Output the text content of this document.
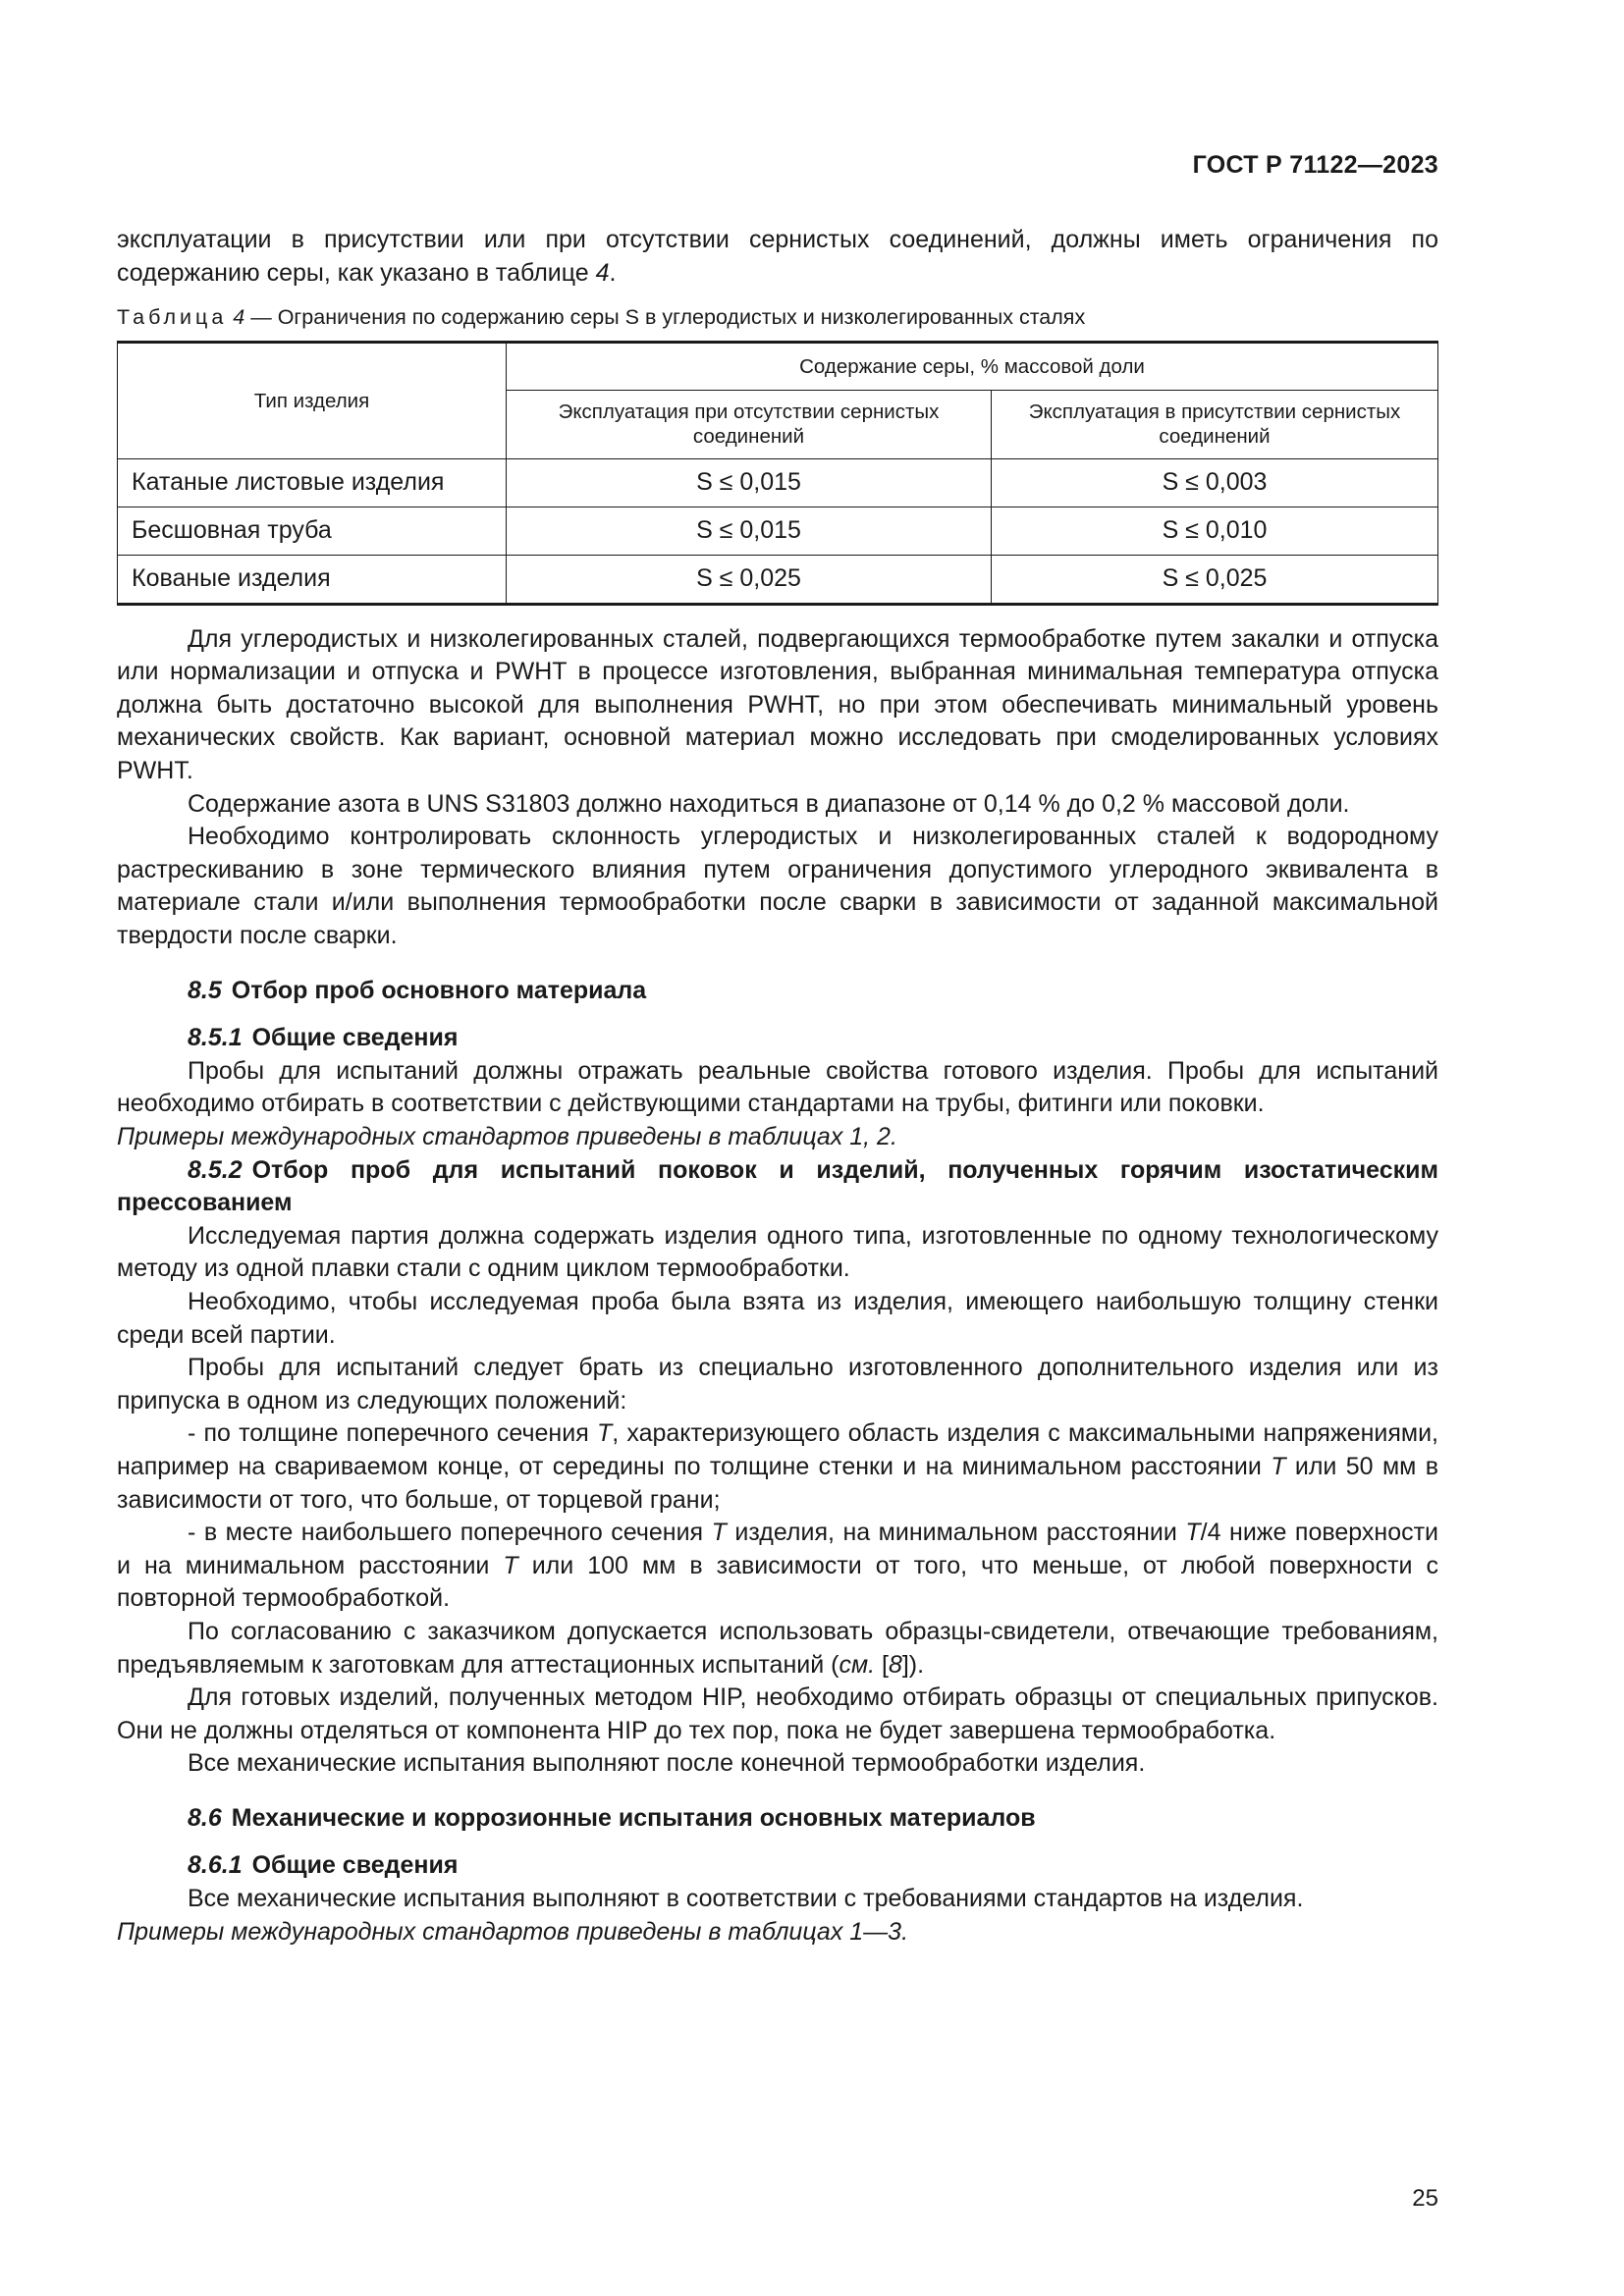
ГОСТ Р 71122—2023

эксплуатации в присутствии или при отсутствии сернистых соединений, должны иметь ограничения по содержанию серы, как указано в таблице 4.

Таблица 4 — Ограничения по содержанию серы S в углеродистых и низколегированных сталях
Тип изделия	Содержание серы, % массовой доли	
	Эксплуатация при отсутствии сернистых соединений	Эксплуатация в присутствии сернистых соединений
Катаные листовые изделия	S ≤ 0,015	S ≤ 0,003
Бесшовная труба	S ≤ 0,015	S ≤ 0,010
Кованые изделия	S ≤ 0,025	S ≤ 0,025

Для углеродистых и низколегированных сталей, подвергающихся термообработке путем закалки и отпуска или нормализации и отпуска и PWHT в процессе изготовления, выбранная минимальная температура отпуска должна быть достаточно высокой для выполнения PWHT, но при этом обеспечивать минимальный уровень механических свойств. Как вариант, основной материал можно исследовать при смоделированных условиях PWHT.

Содержание азота в UNS S31803 должно находиться в диапазоне от 0,14 % до 0,2 % массовой доли.

Необходимо контролировать склонность углеродистых и низколегированных сталей к водородному растрескиванию в зоне термического влияния путем ограничения допустимого углеродного эквивалента в материале стали и/или выполнения термообработки после сварки в зависимости от заданной максимальной твердости после сварки.

8.5 Отбор проб основного материала
8.5.1 Общие сведения

Пробы для испытаний должны отражать реальные свойства готового изделия. Пробы для испытаний необходимо отбирать в соответствии с действующими стандартами на трубы, фитинги или поковки.

Примеры международных стандартов приведены в таблицах 1, 2.

8.5.2 Отбор проб для испытаний поковок и изделий, полученных горячим изостатическим прессованием

Исследуемая партия должна содержать изделия одного типа, изготовленные по одному технологическому методу из одной плавки стали с одним циклом термообработки.

Необходимо, чтобы исследуемая проба была взята из изделия, имеющего наибольшую толщину стенки среди всей партии.

Пробы для испытаний следует брать из специально изготовленного дополнительного изделия или из припуска в одном из следующих положений:

- по толщине поперечного сечения T, характеризующего область изделия с максимальными напряжениями, например на свариваемом конце, от середины по толщине стенки и на минимальном расстоянии T или 50 мм в зависимости от того, что больше, от торцевой грани;

- в месте наибольшего поперечного сечения T изделия, на минимальном расстоянии T/4 ниже поверхности и на минимальном расстоянии T или 100 мм в зависимости от того, что меньше, от любой поверхности с повторной термообработкой.

По согласованию с заказчиком допускается использовать образцы-свидетели, отвечающие требованиям, предъявляемым к заготовкам для аттестационных испытаний (см. [8]).

Для готовых изделий, полученных методом HIP, необходимо отбирать образцы от специальных припусков. Они не должны отделяться от компонента HIP до тех пор, пока не будет завершена термообработка.

Все механические испытания выполняют после конечной термообработки изделия.

8.6 Механические и коррозионные испытания основных материалов
8.6.1 Общие сведения

Все механические испытания выполняют в соответствии с требованиями стандартов на изделия.

Примеры международных стандартов приведены в таблицах 1—3.

25
